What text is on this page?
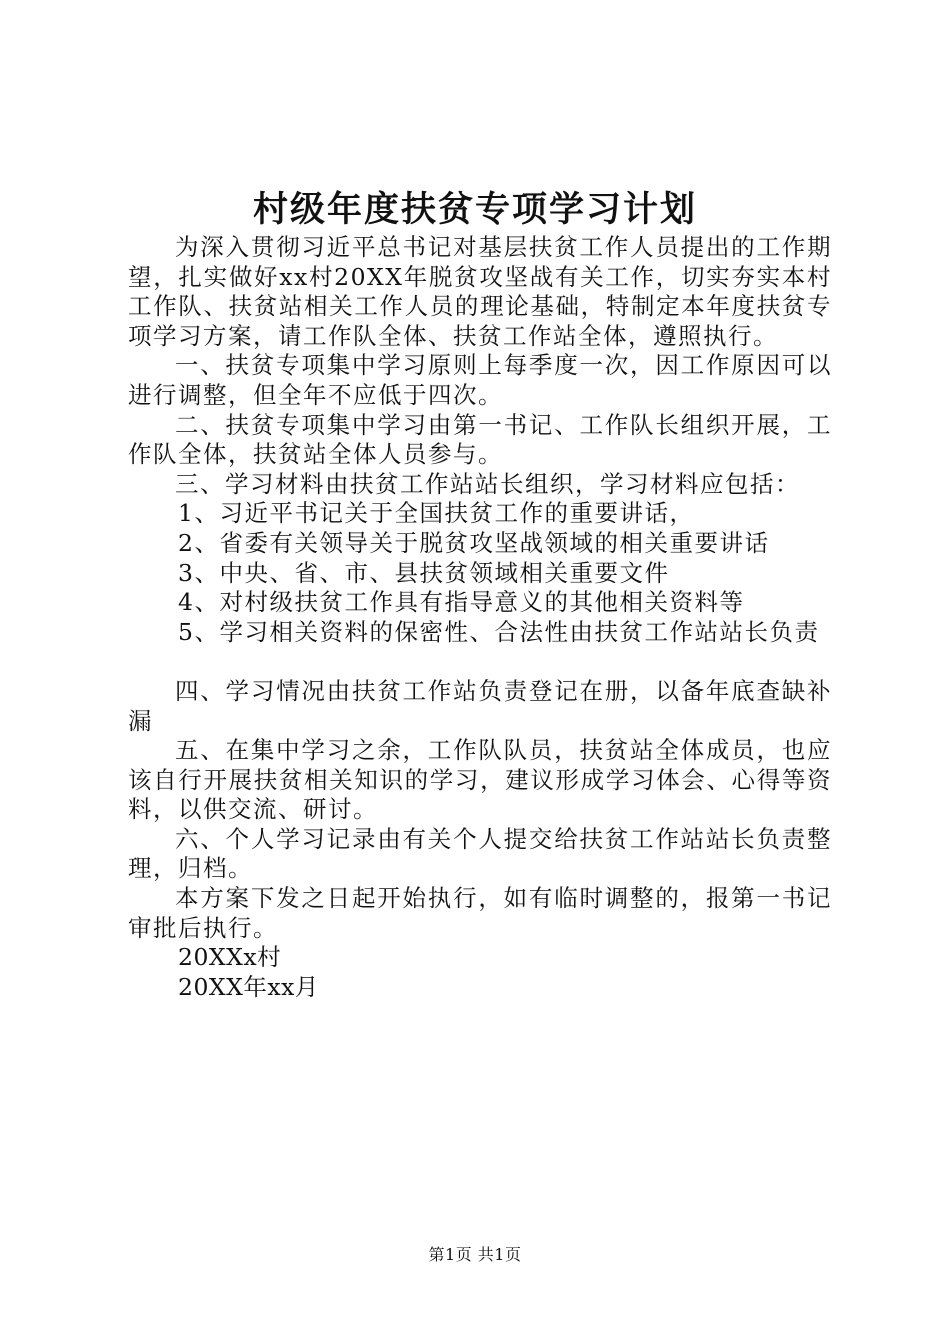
村级年度扶贫专项学习计划

为深入贯彻习近平总书记对基层扶贫工作人员提出的工作期望，扎实做好xx村20XX年脱贫攻坚战有关工作，切实夯实本村工作队、扶贫站相关工作人员的理论基础，特制定本年度扶贫专项学习方案，请工作队全体、扶贫工作站全体，遵照执行。

一、扶贫专项集中学习原则上每季度一次，因工作原因可以进行调整，但全年不应低于四次。

二、扶贫专项集中学习由第一书记、工作队长组织开展，工作队全体，扶贫站全体人员参与。

三、学习材料由扶贫工作站站长组织，学习材料应包括：

1、习近平书记关于全国扶贫工作的重要讲话，

2、省委有关领导关于脱贫攻坚战领域的相关重要讲话

3、中央、省、市、县扶贫领域相关重要文件

4、对村级扶贫工作具有指导意义的其他相关资料等

5、学习相关资料的保密性、合法性由扶贫工作站站长负责

四、学习情况由扶贫工作站负责登记在册，以备年底查缺补漏

五、在集中学习之余，工作队队员，扶贫站全体成员，也应该自行开展扶贫相关知识的学习，建议形成学习体会、心得等资料，以供交流、研讨。

六、个人学习记录由有关个人提交给扶贫工作站站长负责整理，归档。

本方案下发之日起开始执行，如有临时调整的，报第一书记审批后执行。

20XXx村

20XX年xx月

第1页 共1页
